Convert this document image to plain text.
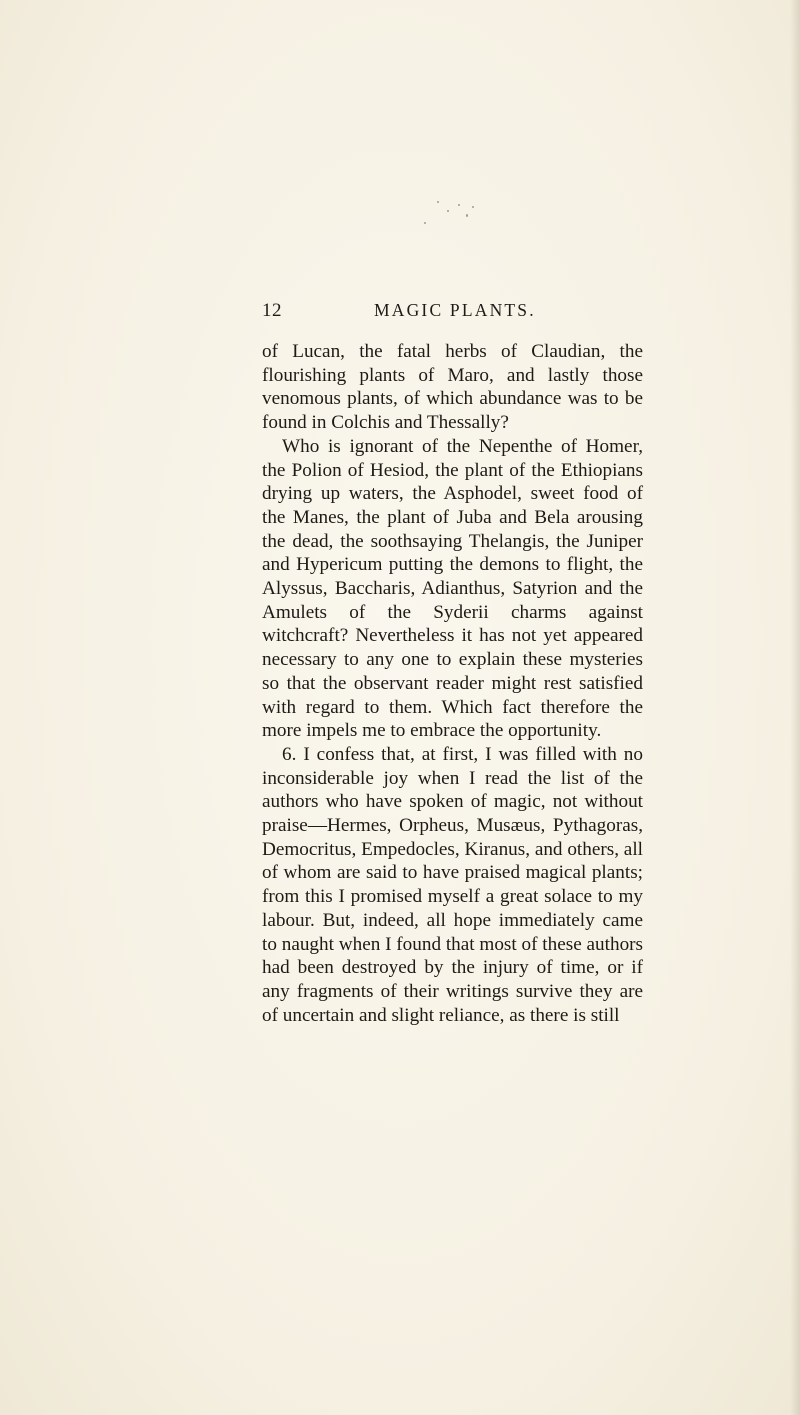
12	MAGIC PLANTS.

of Lucan, the fatal herbs of Claudian, the flourishing plants of Maro, and lastly those venomous plants, of which abundance was to be found in Colchis and Thessally?

Who is ignorant of the Nepenthe of Homer, the Polion of Hesiod, the plant of the Ethiopians drying up waters, the Asphodel, sweet food of the Manes, the plant of Juba and Bela arousing the dead, the soothsaying Thelangis, the Juniper and Hypericum putting the demons to flight, the Alyssus, Baccharis, Adianthus, Satyrion and the Amulets of the Syderii charms against witchcraft? Nevertheless it has not yet appeared necessary to any one to explain these mysteries so that the observant reader might rest satisfied with regard to them. Which fact therefore the more impels me to embrace the opportunity.

6. I confess that, at first, I was filled with no inconsiderable joy when I read the list of the authors who have spoken of magic, not without praise—Hermes, Orpheus, Musæus, Pythagoras, Democritus, Empedocles, Kiranus, and others, all of whom are said to have praised magical plants; from this I promised myself a great solace to my labour. But, indeed, all hope immediately came to naught when I found that most of these authors had been destroyed by the injury of time, or if any fragments of their writings survive they are of uncertain and slight reliance, as there is still
